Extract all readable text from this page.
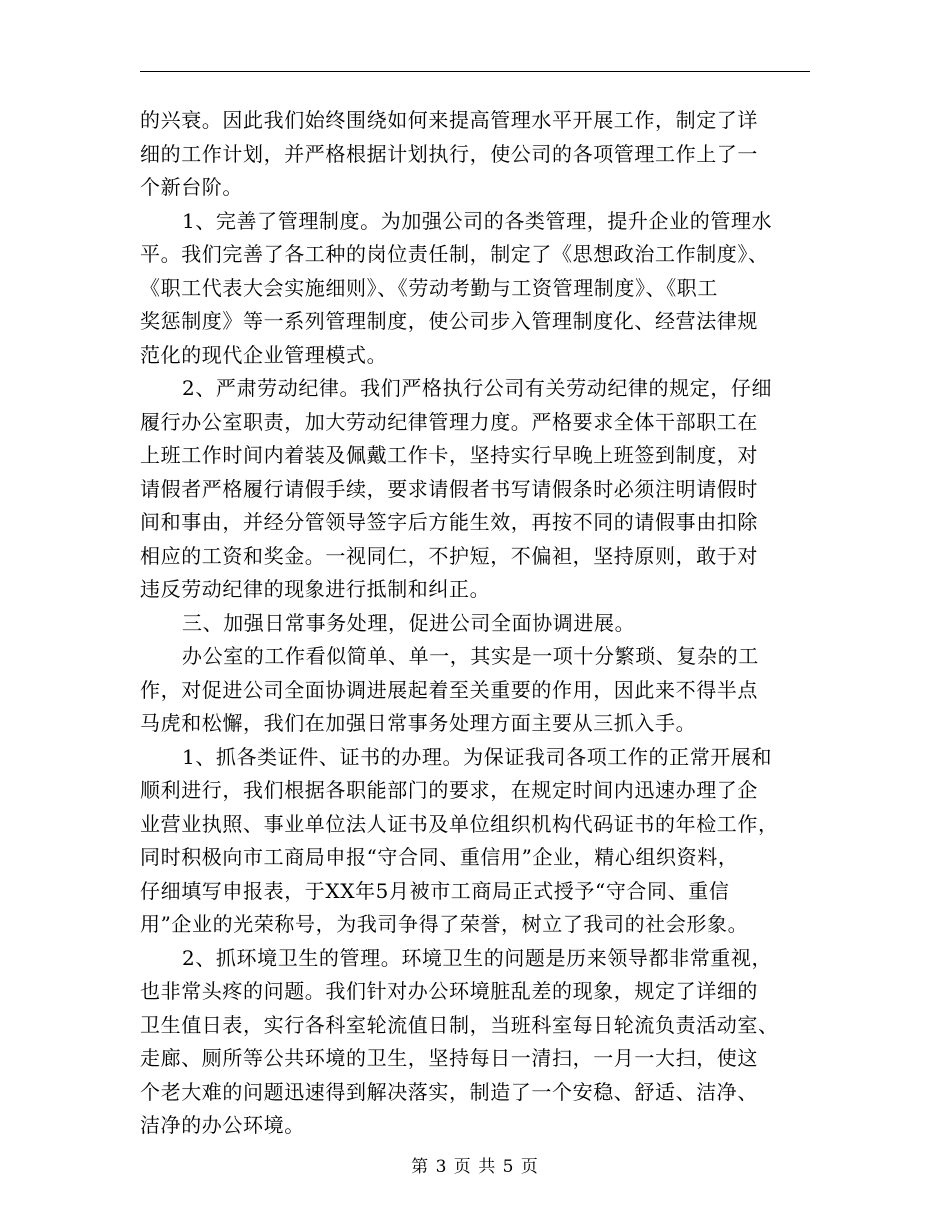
的兴衰。因此我们始终围绕如何来提高管理水平开展工作，制定了详
细的工作计划，并严格根据计划执行，使公司的各项管理工作上了一
个新台阶。
1、完善了管理制度。为加强公司的各类管理，提升企业的管理水
平。我们完善了各工种的岗位责任制，制定了《思想政治工作制度》、
《职工代表大会实施细则》、《劳动考勤与工资管理制度》、《职工
奖惩制度》等一系列管理制度，使公司步入管理制度化、经营法律规
范化的现代企业管理模式。
2、严肃劳动纪律。我们严格执行公司有关劳动纪律的规定，仔细
履行办公室职责，加大劳动纪律管理力度。严格要求全体干部职工在
上班工作时间内着装及佩戴工作卡，坚持实行早晚上班签到制度，对
请假者严格履行请假手续，要求请假者书写请假条时必须注明请假时
间和事由，并经分管领导签字后方能生效，再按不同的请假事由扣除
相应的工资和奖金。一视同仁，不护短，不偏袒，坚持原则，敢于对
违反劳动纪律的现象进行抵制和纠正。
三、加强日常事务处理，促进公司全面协调进展。
办公室的工作看似简单、单一，其实是一项十分繁琐、复杂的工
作，对促进公司全面协调进展起着至关重要的作用，因此来不得半点
马虎和松懈，我们在加强日常事务处理方面主要从三抓入手。
1、抓各类证件、证书的办理。为保证我司各项工作的正常开展和
顺利进行，我们根据各职能部门的要求，在规定时间内迅速办理了企
业营业执照、事业单位法人证书及单位组织机构代码证书的年检工作，
同时积极向市工商局申报“守合同、重信用”企业，精心组织资料，
仔细填写申报表，于XX年5月被市工商局正式授予“守合同、重信
用”企业的光荣称号，为我司争得了荣誉，树立了我司的社会形象。
2、抓环境卫生的管理。环境卫生的问题是历来领导都非常重视，
也非常头疼的问题。我们针对办公环境脏乱差的现象，规定了详细的
卫生值日表，实行各科室轮流值日制，当班科室每日轮流负责活动室、
走廊、厕所等公共环境的卫生，坚持每日一清扫，一月一大扫，使这
个老大难的问题迅速得到解决落实，制造了一个安稳、舒适、洁净、
洁净的办公环境。
第 3 页 共 5 页
